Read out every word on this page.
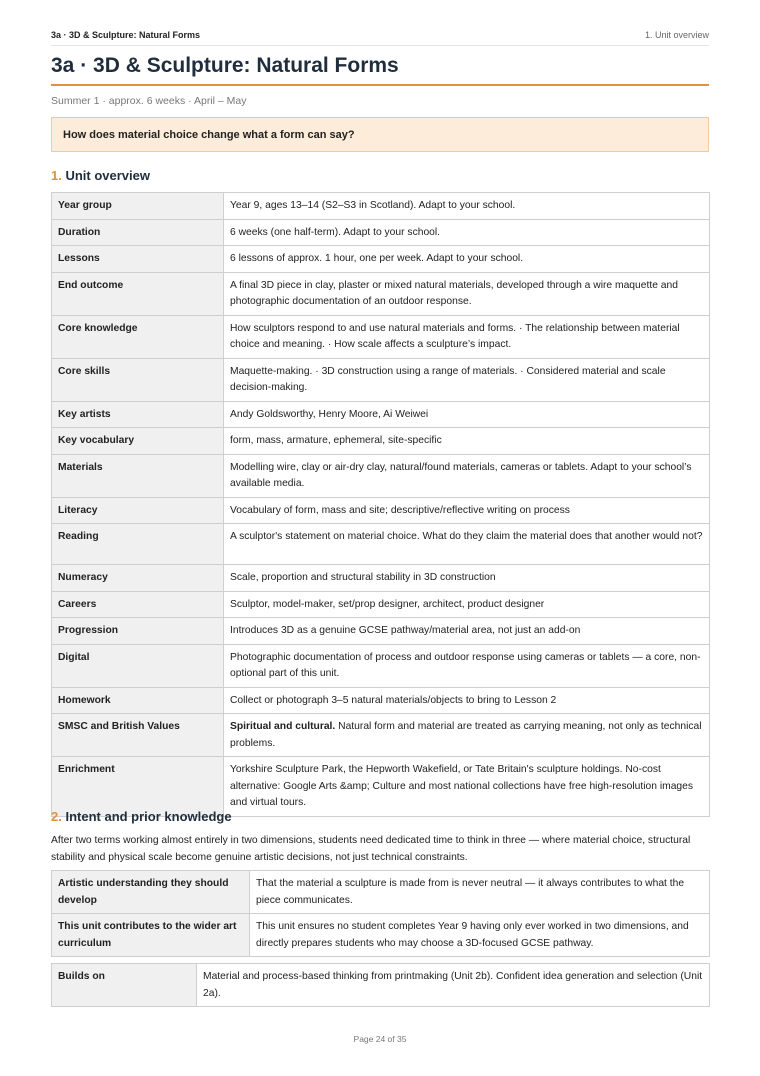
3a · 3D & Sculpture: Natural Forms	1. Unit overview
3a · 3D & Sculpture: Natural Forms
Summer 1 · approx. 6 weeks · April – May
How does material choice change what a form can say?
1. Unit overview
Year group	Year 9, ages 13–14 (S2–S3 in Scotland). Adapt to your school.
Duration	6 weeks (one half-term). Adapt to your school.
Lessons	6 lessons of approx. 1 hour, one per week. Adapt to your school.
End outcome	A final 3D piece in clay, plaster or mixed natural materials, developed through a wire maquette and photographic documentation of an outdoor response.
Core knowledge	How sculptors respond to and use natural materials and forms. · The relationship between material choice and meaning. · How scale affects a sculpture’s impact.
Core skills	Maquette-making. · 3D construction using a range of materials. · Considered material and scale decision-making.
Key artists	Andy Goldsworthy, Henry Moore, Ai Weiwei
Key vocabulary	form, mass, armature, ephemeral, site-specific
Materials	Modelling wire, clay or air-dry clay, natural/found materials, cameras or tablets. Adapt to your school’s available media.
Literacy	Vocabulary of form, mass and site; descriptive/reflective writing on process
Reading	A sculptor's statement on material choice. What do they claim the material does that another would not?
Numeracy	Scale, proportion and structural stability in 3D construction
Careers	Sculptor, model-maker, set/prop designer, architect, product designer
Progression	Introduces 3D as a genuine GCSE pathway/material area, not just an add-on
Digital	Photographic documentation of process and outdoor response using cameras or tablets — a core, non-optional part of this unit.
Homework	Collect or photograph 3–5 natural materials/objects to bring to Lesson 2
SMSC and British Values	Spiritual and cultural. Natural form and material are treated as carrying meaning, not only as technical problems.
Enrichment	Yorkshire Sculpture Park, the Hepworth Wakefield, or Tate Britain's sculpture holdings. No-cost alternative: Google Arts &amp; Culture and most national collections have free high-resolution images and virtual tours.
2. Intent and prior knowledge

After two terms working almost entirely in two dimensions, students need dedicated time to think in three — where material choice, structural stability and physical scale become genuine artistic decisions, not just technical constraints.

Artistic understanding they should develop	That the material a sculpture is made from is never neutral — it always contributes to what the piece communicates.
This unit contributes to the wider art curriculum	This unit ensures no student completes Year 9 having only ever worked in two dimensions, and directly prepares students who may choose a 3D-focused GCSE pathway.
Builds on	Material and process-based thinking from printmaking (Unit 2b). Confident idea generation and selection (Unit 2a).
Page 24 of 35
